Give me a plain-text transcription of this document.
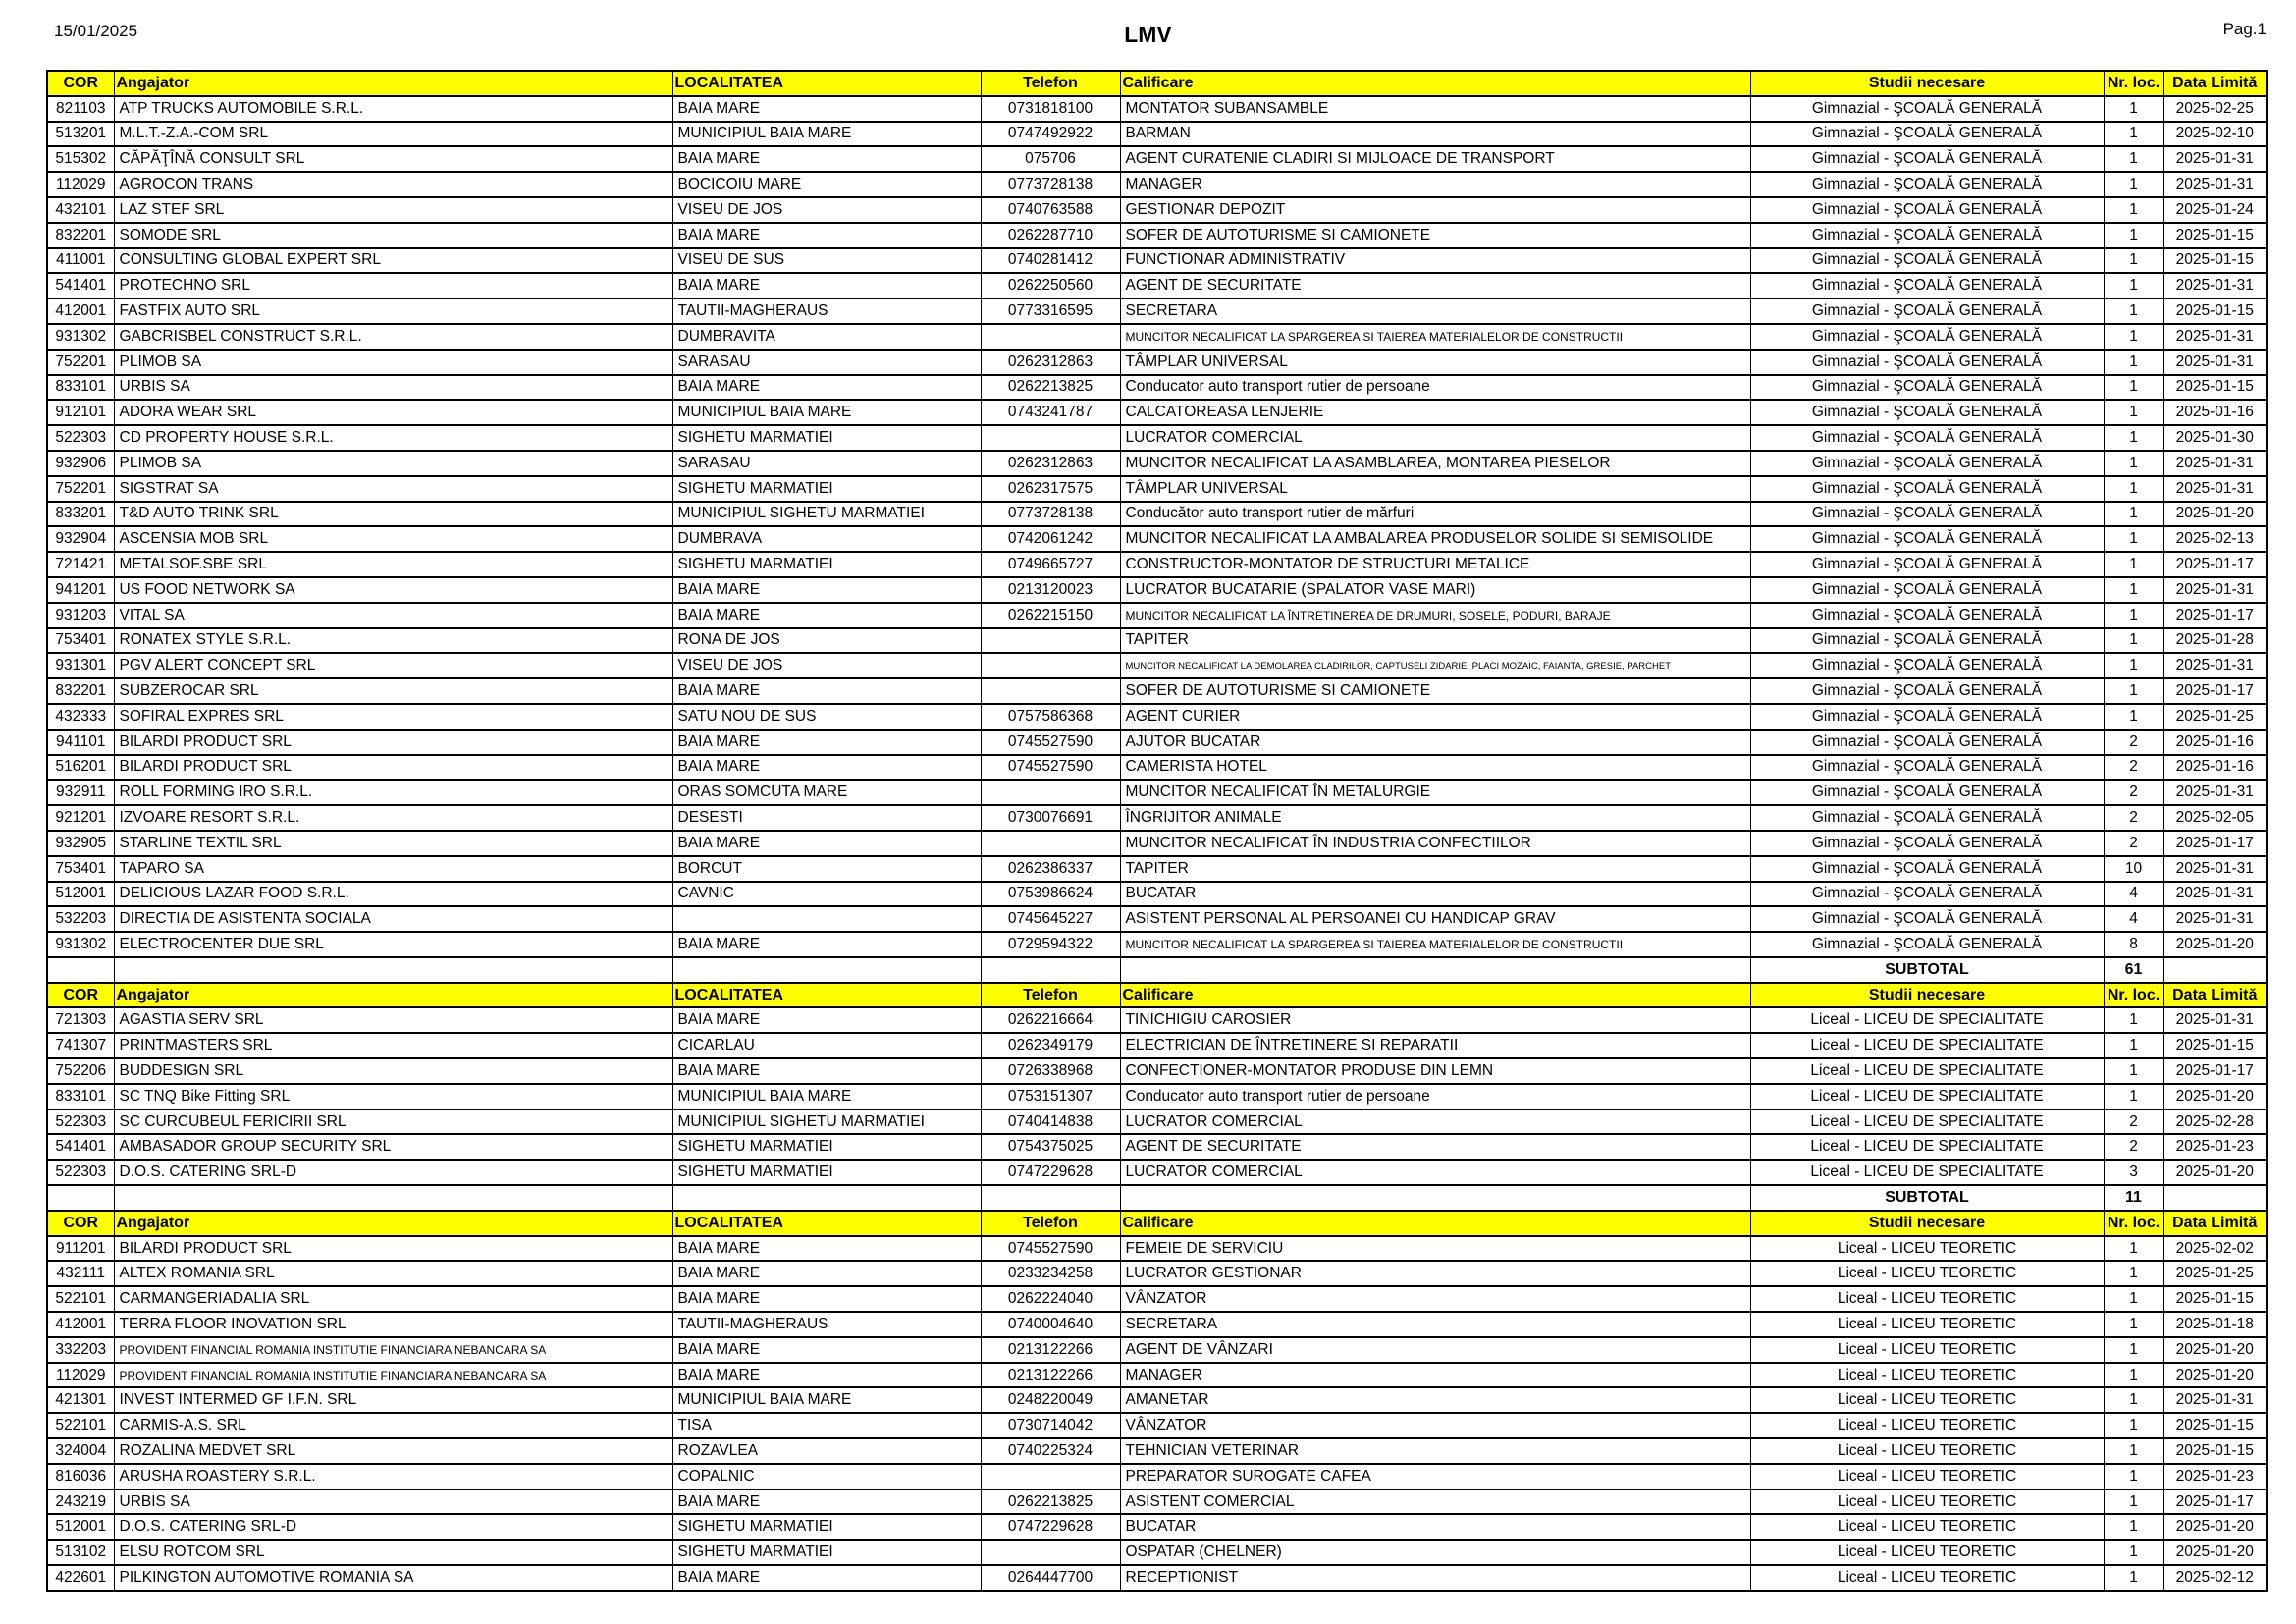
15/01/2025	LMV	Pag.1
COR	Angajator	LOCALITATEA	Telefon	Calificare	Studii necesare	Nr. loc.	Data Limită
821103	ATP TRUCKS AUTOMOBILE S.R.L.	BAIA MARE	0731818100	MONTATOR SUBANSAMBLE	Gimnazial - ŞCOALĂ GENERALĂ	1	2025-02-25
513201	M.L.T.-Z.A.-COM SRL	MUNICIPIUL BAIA MARE	0747492922	BARMAN	Gimnazial - ŞCOALĂ GENERALĂ	1	2025-02-10
515302	CĂPĂŢÎNĂ CONSULT SRL	BAIA MARE	075706	AGENT CURATENIE CLADIRI SI MIJLOACE DE TRANSPORT	Gimnazial - ŞCOALĂ GENERALĂ	1	2025-01-31
112029	AGROCON TRANS	BOCICOIU MARE	0773728138	MANAGER	Gimnazial - ŞCOALĂ GENERALĂ	1	2025-01-31
432101	LAZ STEF SRL	VISEU DE JOS	0740763588	GESTIONAR DEPOZIT	Gimnazial - ŞCOALĂ GENERALĂ	1	2025-01-24
832201	SOMODE SRL	BAIA MARE	0262287710	SOFER DE AUTOTURISME SI CAMIONETE	Gimnazial - ŞCOALĂ GENERALĂ	1	2025-01-15
411001	CONSULTING GLOBAL EXPERT SRL	VISEU DE SUS	0740281412	FUNCTIONAR ADMINISTRATIV	Gimnazial - ŞCOALĂ GENERALĂ	1	2025-01-15
541401	PROTECHNO SRL	BAIA MARE	0262250560	AGENT DE SECURITATE	Gimnazial - ŞCOALĂ GENERALĂ	1	2025-01-31
412001	FASTFIX AUTO SRL	TAUTII-MAGHERAUS	0773316595	SECRETARA	Gimnazial - ŞCOALĂ GENERALĂ	1	2025-01-15
931302	GABCRISBEL CONSTRUCT S.R.L.	DUMBRAVITA		MUNCITOR NECALIFICAT LA SPARGEREA SI TAIEREA MATERIALELOR DE CONSTRUCTII	Gimnazial - ŞCOALĂ GENERALĂ	1	2025-01-31
752201	PLIMOB SA	SARASAU	0262312863	TÂMPLAR UNIVERSAL	Gimnazial - ŞCOALĂ GENERALĂ	1	2025-01-31
833101	URBIS SA	BAIA MARE	0262213825	Conducator auto transport rutier de persoane	Gimnazial - ŞCOALĂ GENERALĂ	1	2025-01-15
912101	ADORA WEAR SRL	MUNICIPIUL BAIA MARE	0743241787	CALCATOREASA LENJERIE	Gimnazial - ŞCOALĂ GENERALĂ	1	2025-01-16
522303	CD PROPERTY HOUSE S.R.L.	SIGHETU MARMATIEI		LUCRATOR COMERCIAL	Gimnazial - ŞCOALĂ GENERALĂ	1	2025-01-30
932906	PLIMOB SA	SARASAU	0262312863	MUNCITOR NECALIFICAT LA ASAMBLAREA, MONTAREA PIESELOR	Gimnazial - ŞCOALĂ GENERALĂ	1	2025-01-31
752201	SIGSTRAT SA	SIGHETU MARMATIEI	0262317575	TÂMPLAR UNIVERSAL	Gimnazial - ŞCOALĂ GENERALĂ	1	2025-01-31
833201	T&D AUTO TRINK SRL	MUNICIPIUL SIGHETU MARMATIEI	0773728138	Conducător auto transport rutier de mărfuri	Gimnazial - ŞCOALĂ GENERALĂ	1	2025-01-20
932904	ASCENSIA MOB SRL	DUMBRAVA	0742061242	MUNCITOR NECALIFICAT LA AMBALAREA PRODUSELOR SOLIDE SI SEMISOLIDE	Gimnazial - ŞCOALĂ GENERALĂ	1	2025-02-13
721421	METALSOF.SBE SRL	SIGHETU MARMATIEI	0749665727	CONSTRUCTOR-MONTATOR DE STRUCTURI METALICE	Gimnazial - ŞCOALĂ GENERALĂ	1	2025-01-17
941201	US FOOD NETWORK SA	BAIA MARE	0213120023	LUCRATOR BUCATARIE (SPALATOR VASE MARI)	Gimnazial - ŞCOALĂ GENERALĂ	1	2025-01-31
931203	VITAL SA	BAIA MARE	0262215150	MUNCITOR NECALIFICAT LA ÎNTRETINEREA DE DRUMURI, SOSELE, PODURI, BARAJE	Gimnazial - ŞCOALĂ GENERALĂ	1	2025-01-17
753401	RONATEX STYLE S.R.L.	RONA DE JOS		TAPITER	Gimnazial - ŞCOALĂ GENERALĂ	1	2025-01-28
931301	PGV ALERT CONCEPT SRL	VISEU DE JOS		MUNCITOR NECALIFICAT LA DEMOLAREA CLADIRILOR, CAPTUSELI ZIDARIE, PLACI MOZAIC, FAIANTA, GRESIE, PARCHET	Gimnazial - ŞCOALĂ GENERALĂ	1	2025-01-31
832201	SUBZEROCAR SRL	BAIA MARE		SOFER DE AUTOTURISME SI CAMIONETE	Gimnazial - ŞCOALĂ GENERALĂ	1	2025-01-17
432333	SOFIRAL EXPRES SRL	SATU NOU DE SUS	0757586368	AGENT CURIER	Gimnazial - ŞCOALĂ GENERALĂ	1	2025-01-25
941101	BILARDI PRODUCT SRL	BAIA MARE	0745527590	AJUTOR BUCATAR	Gimnazial - ŞCOALĂ GENERALĂ	2	2025-01-16
516201	BILARDI PRODUCT SRL	BAIA MARE	0745527590	CAMERISTA HOTEL	Gimnazial - ŞCOALĂ GENERALĂ	2	2025-01-16
932911	ROLL FORMING IRO S.R.L.	ORAS SOMCUTA MARE		MUNCITOR NECALIFICAT ÎN METALURGIE	Gimnazial - ŞCOALĂ GENERALĂ	2	2025-01-31
921201	IZVOARE RESORT S.R.L.	DESESTI	0730076691	ÎNGRIJITOR ANIMALE	Gimnazial - ŞCOALĂ GENERALĂ	2	2025-02-05
932905	STARLINE TEXTIL SRL	BAIA MARE		MUNCITOR NECALIFICAT ÎN INDUSTRIA CONFECTIILOR	Gimnazial - ŞCOALĂ GENERALĂ	2	2025-01-17
753401	TAPARO SA	BORCUT	0262386337	TAPITER	Gimnazial - ŞCOALĂ GENERALĂ	10	2025-01-31
512001	DELICIOUS LAZAR FOOD S.R.L.	CAVNIC	0753986624	BUCATAR	Gimnazial - ŞCOALĂ GENERALĂ	4	2025-01-31
532203	DIRECTIA DE ASISTENTA SOCIALA		0745645227	ASISTENT PERSONAL AL PERSOANEI CU HANDICAP GRAV	Gimnazial - ŞCOALĂ GENERALĂ	4	2025-01-31
931302	ELECTROCENTER DUE SRL	BAIA MARE	0729594322	MUNCITOR NECALIFICAT LA SPARGEREA SI TAIEREA MATERIALELOR DE CONSTRUCTII	Gimnazial - ŞCOALĂ GENERALĂ	8	2025-01-20
					SUBTOTAL	61	
COR	Angajator	LOCALITATEA	Telefon	Calificare	Studii necesare	Nr. loc.	Data Limită
721303	AGASTIA SERV SRL	BAIA MARE	0262216664	TINICHIGIU CAROSIER	Liceal - LICEU DE SPECIALITATE	1	2025-01-31
741307	PRINTMASTERS SRL	CICARLAU	0262349179	ELECTRICIAN DE ÎNTRETINERE SI REPARATII	Liceal - LICEU DE SPECIALITATE	1	2025-01-15
752206	BUDDESIGN SRL	BAIA MARE	0726338968	CONFECTIONER-MONTATOR PRODUSE DIN LEMN	Liceal - LICEU DE SPECIALITATE	1	2025-01-17
833101	SC TNQ Bike Fitting SRL	MUNICIPIUL BAIA MARE	0753151307	Conducator auto transport rutier de persoane	Liceal - LICEU DE SPECIALITATE	1	2025-01-20
522303	SC CURCUBEUL FERICIRII SRL	MUNICIPIUL SIGHETU MARMATIEI	0740414838	LUCRATOR COMERCIAL	Liceal - LICEU DE SPECIALITATE	2	2025-02-28
541401	AMBASADOR GROUP SECURITY SRL	SIGHETU MARMATIEI	0754375025	AGENT DE SECURITATE	Liceal - LICEU DE SPECIALITATE	2	2025-01-23
522303	D.O.S. CATERING SRL-D	SIGHETU MARMATIEI	0747229628	LUCRATOR COMERCIAL	Liceal - LICEU DE SPECIALITATE	3	2025-01-20
					SUBTOTAL	11	
COR	Angajator	LOCALITATEA	Telefon	Calificare	Studii necesare	Nr. loc.	Data Limită
911201	BILARDI PRODUCT SRL	BAIA MARE	0745527590	FEMEIE DE SERVICIU	Liceal - LICEU TEORETIC	1	2025-02-02
432111	ALTEX ROMANIA SRL	BAIA MARE	0233234258	LUCRATOR GESTIONAR	Liceal - LICEU TEORETIC	1	2025-01-25
522101	CARMANGERIADALIA SRL	BAIA MARE	0262224040	VÂNZATOR	Liceal - LICEU TEORETIC	1	2025-01-15
412001	TERRA FLOOR INOVATION SRL	TAUTII-MAGHERAUS	0740004640	SECRETARA	Liceal - LICEU TEORETIC	1	2025-01-18
332203	PROVIDENT FINANCIAL ROMANIA INSTITUTIE FINANCIARA NEBANCARA SA	BAIA MARE	0213122266	AGENT DE VÂNZARI	Liceal - LICEU TEORETIC	1	2025-01-20
112029	PROVIDENT FINANCIAL ROMANIA INSTITUTIE FINANCIARA NEBANCARA SA	BAIA MARE	0213122266	MANAGER	Liceal - LICEU TEORETIC	1	2025-01-20
421301	INVEST INTERMED GF I.F.N. SRL	MUNICIPIUL BAIA MARE	0248220049	AMANETAR	Liceal - LICEU TEORETIC	1	2025-01-31
522101	CARMIS-A.S. SRL	TISA	0730714042	VÂNZATOR	Liceal - LICEU TEORETIC	1	2025-01-15
324004	ROZALINA MEDVET SRL	ROZAVLEA	0740225324	TEHNICIAN VETERINAR	Liceal - LICEU TEORETIC	1	2025-01-15
816036	ARUSHA ROASTERY S.R.L.	COPALNIC		PREPARATOR SUROGATE CAFEA	Liceal - LICEU TEORETIC	1	2025-01-23
243219	URBIS SA	BAIA MARE	0262213825	ASISTENT COMERCIAL	Liceal - LICEU TEORETIC	1	2025-01-17
512001	D.O.S. CATERING SRL-D	SIGHETU MARMATIEI	0747229628	BUCATAR	Liceal - LICEU TEORETIC	1	2025-01-20
513102	ELSU ROTCOM SRL	SIGHETU MARMATIEI		OSPATAR (CHELNER)	Liceal - LICEU TEORETIC	1	2025-01-20
422601	PILKINGTON AUTOMOTIVE ROMANIA SA	BAIA MARE	0264447700	RECEPTIONIST	Liceal - LICEU TEORETIC	1	2025-02-12
